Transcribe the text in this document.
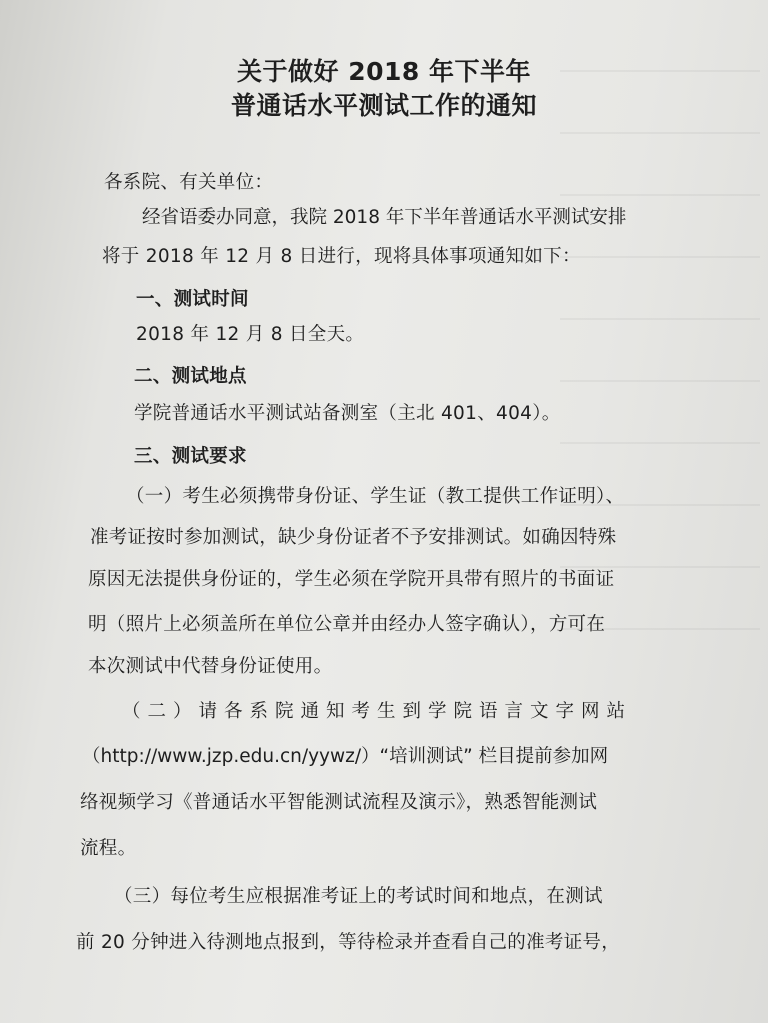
关于做好 2018 年下半年
普通话水平测试工作的通知
各系院、有关单位：
经省语委办同意，我院 2018 年下半年普通话水平测试安排
将于 2018 年 12 月 8 日进行，现将具体事项通知如下：
一、测试时间
2018 年 12 月 8 日全天。
二、测试地点
学院普通话水平测试站备测室（主北 401、404）。
三、测试要求
（一）考生必须携带身份证、学生证（教工提供工作证明）、
准考证按时参加测试，缺少身份证者不予安排测试。如确因特殊
原因无法提供身份证的，学生必须在学院开具带有照片的书面证
明（照片上必须盖所在单位公章并由经办人签字确认），方可在
本次测试中代替身份证使用。
（二）请各系院通知考生到学院语言文字网站
（http://www.jzp.edu.cn/yywz/）“培训测试” 栏目提前参加网
络视频学习《普通话水平智能测试流程及演示》，熟悉智能测试
流程。
（三）每位考生应根据准考证上的考试时间和地点，在测试
前 20 分钟进入待测地点报到，等待检录并查看自己的准考证号，
